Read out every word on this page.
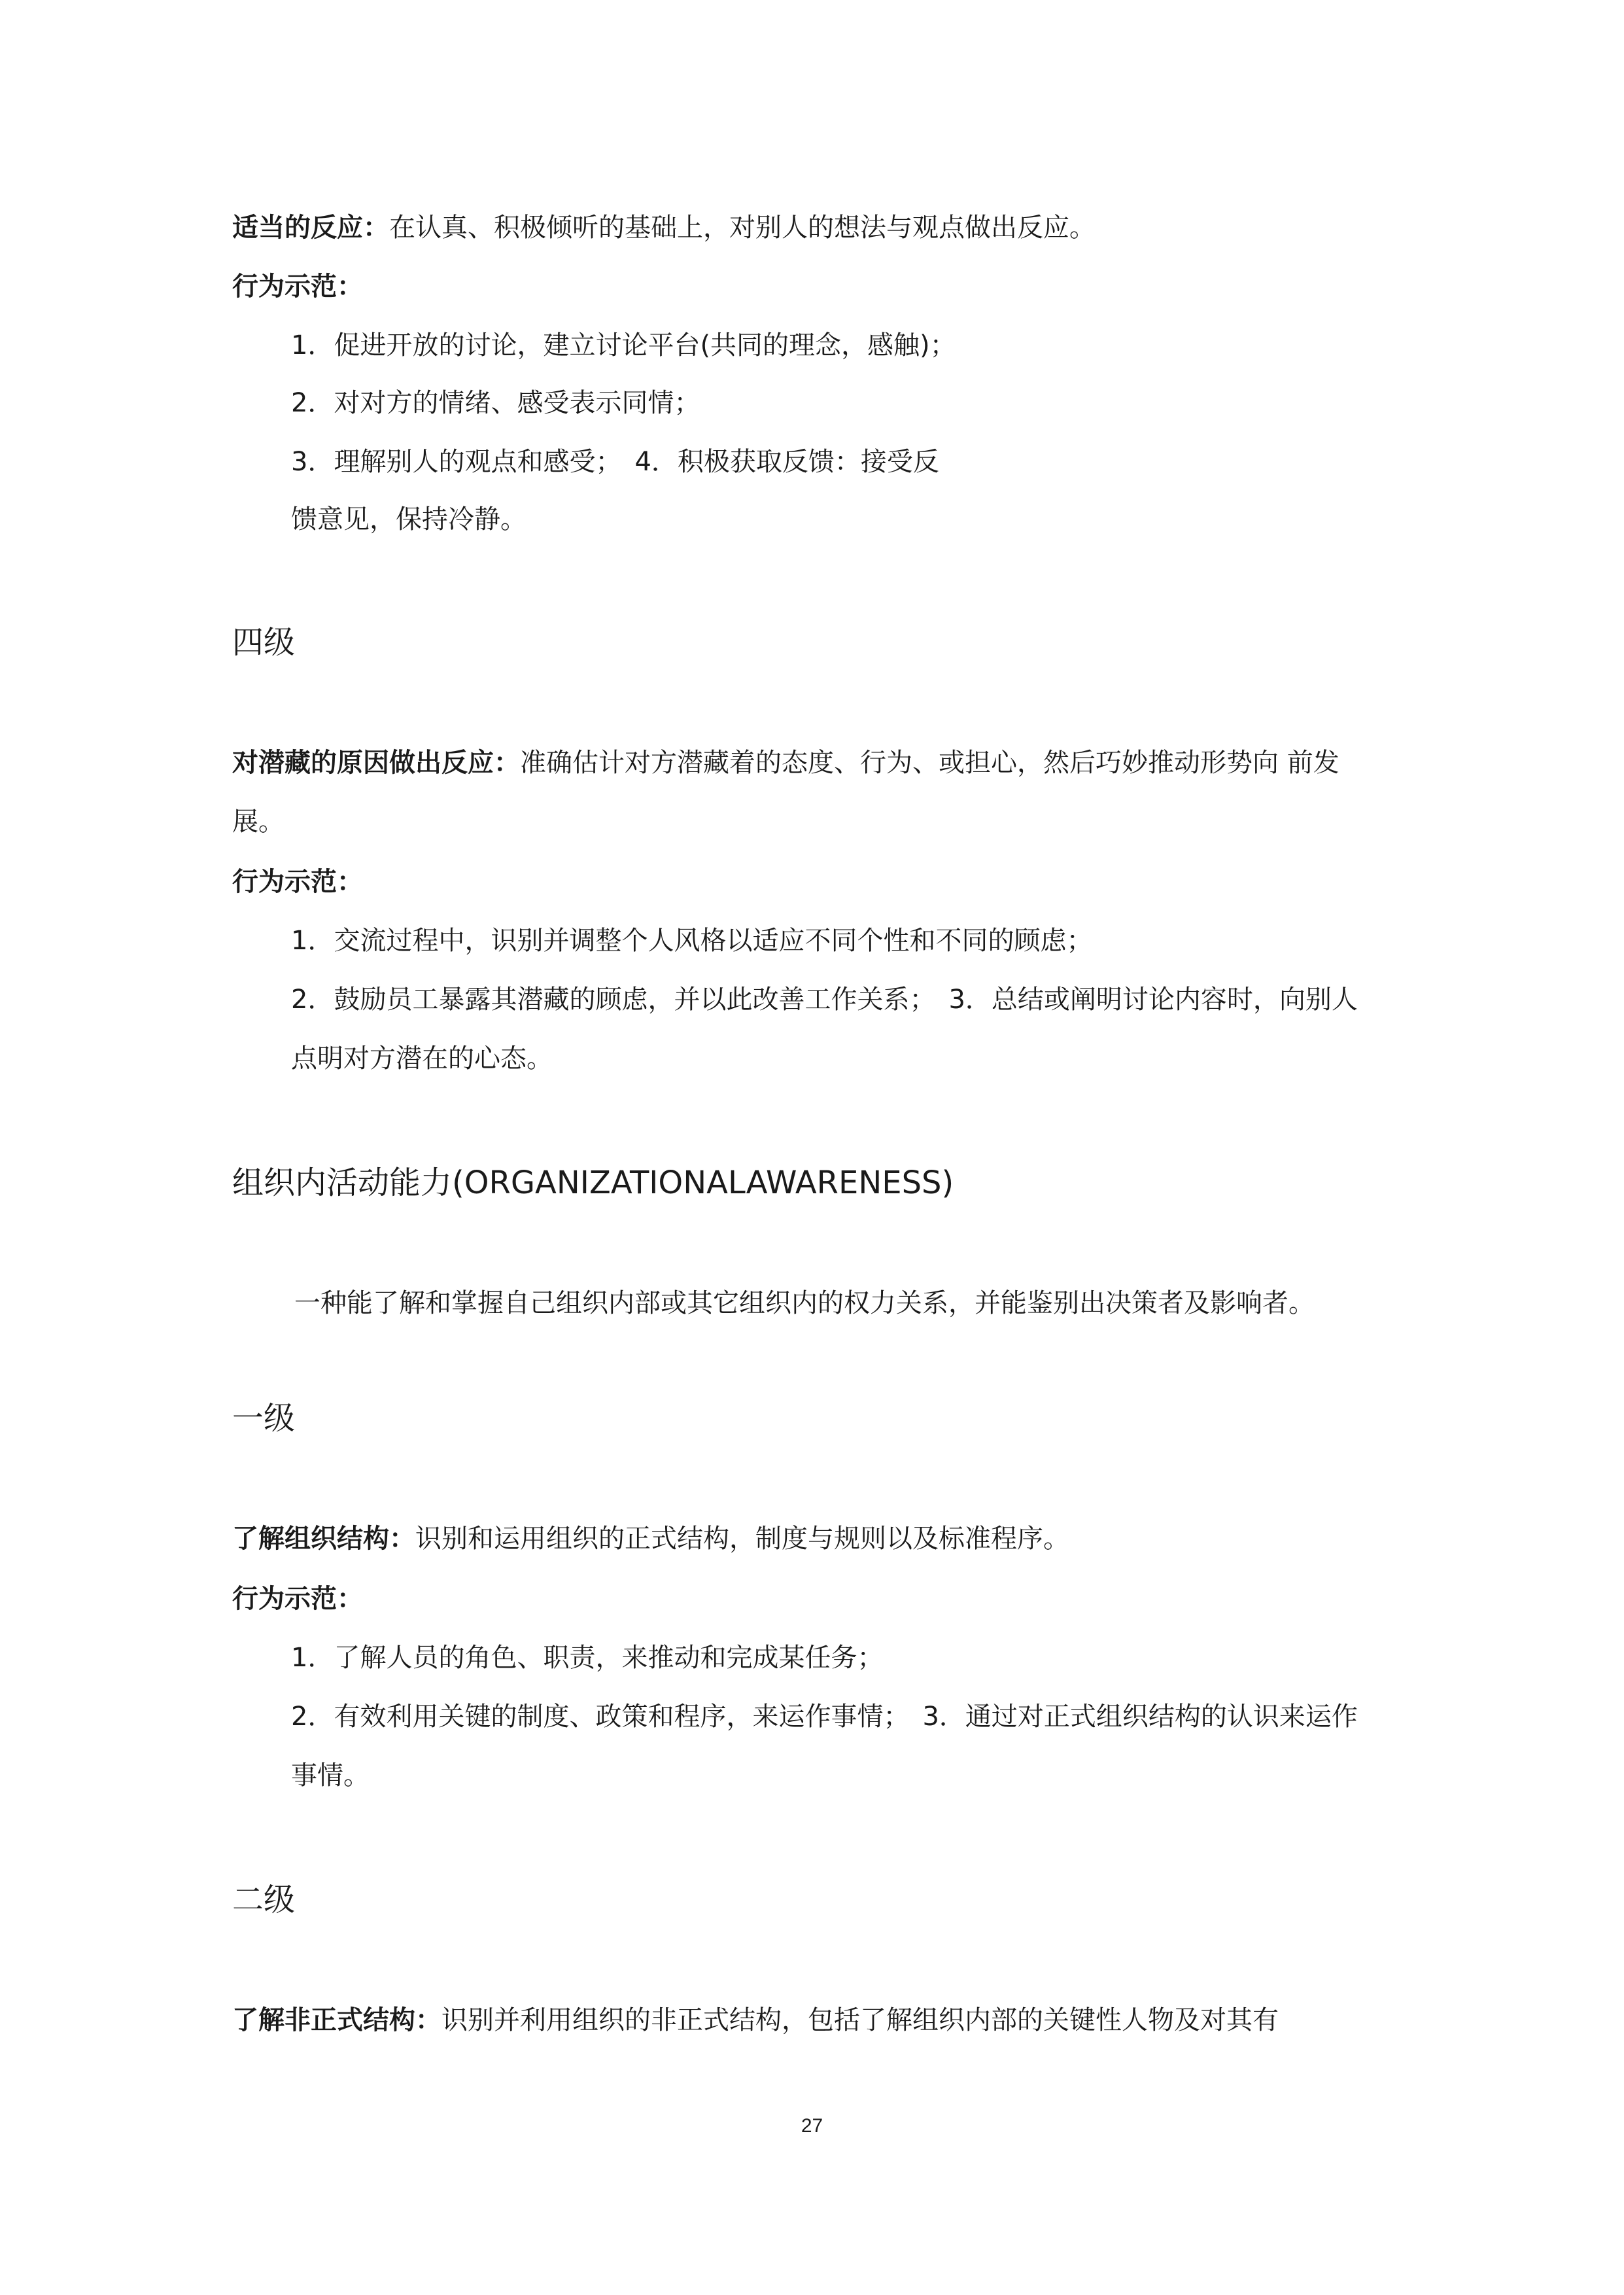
适当的反应：在认真、积极倾听的基础上，对别人的想法与观点做出反应。

行为示范：

1．促进开放的讨论，建立讨论平台(共同的理念，感触)；

2．对对方的情绪、感受表示同情；

3．理解别人的观点和感受；　4．积极获取反馈：接受反

馈意见，保持冷静。

四级

对潜藏的原因做出反应：准确估计对方潜藏着的态度、行为、或担心，然后巧妙推动形势向 前发

展。

行为示范：

1．交流过程中，识别并调整个人风格以适应不同个性和不同的顾虑；

2．鼓励员工暴露其潜藏的顾虑，并以此改善工作关系；　3．总结或阐明讨论内容时，向别人

点明对方潜在的心态。

组织内活动能力(ORGANIZATIONALAWARENESS)

一种能了解和掌握自己组织内部或其它组织内的权力关系，并能鉴别出决策者及影响者。

一级

了解组织结构：识别和运用组织的正式结构，制度与规则以及标准程序。

行为示范：

1．了解人员的角色、职责，来推动和完成某任务；

2．有效利用关键的制度、政策和程序，来运作事情；　3．通过对正式组织结构的认识来运作

事情。

二级

了解非正式结构：识别并利用组织的非正式结构，包括了解组织内部的关键性人物及对其有

27
